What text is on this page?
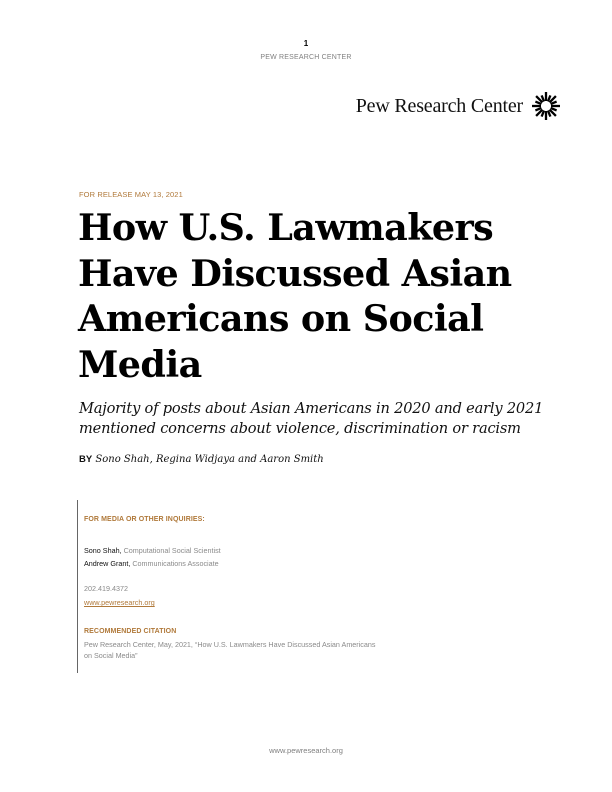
1
PEW RESEARCH CENTER
Pew Research Center
FOR RELEASE MAY 13, 2021
How U.S. Lawmakers Have Discussed Asian Americans on Social Media
Majority of posts about Asian Americans in 2020 and early 2021 mentioned concerns about violence, discrimination or racism
BY Sono Shah, Regina Widjaya and Aaron Smith
FOR MEDIA OR OTHER INQUIRIES:
Sono Shah, Computational Social Scientist
Andrew Grant, Communications Associate
202.419.4372
www.pewresearch.org
RECOMMENDED CITATION
Pew Research Center, May, 2021, “How U.S. Lawmakers Have Discussed Asian Americans on Social Media”
www.pewresearch.org
